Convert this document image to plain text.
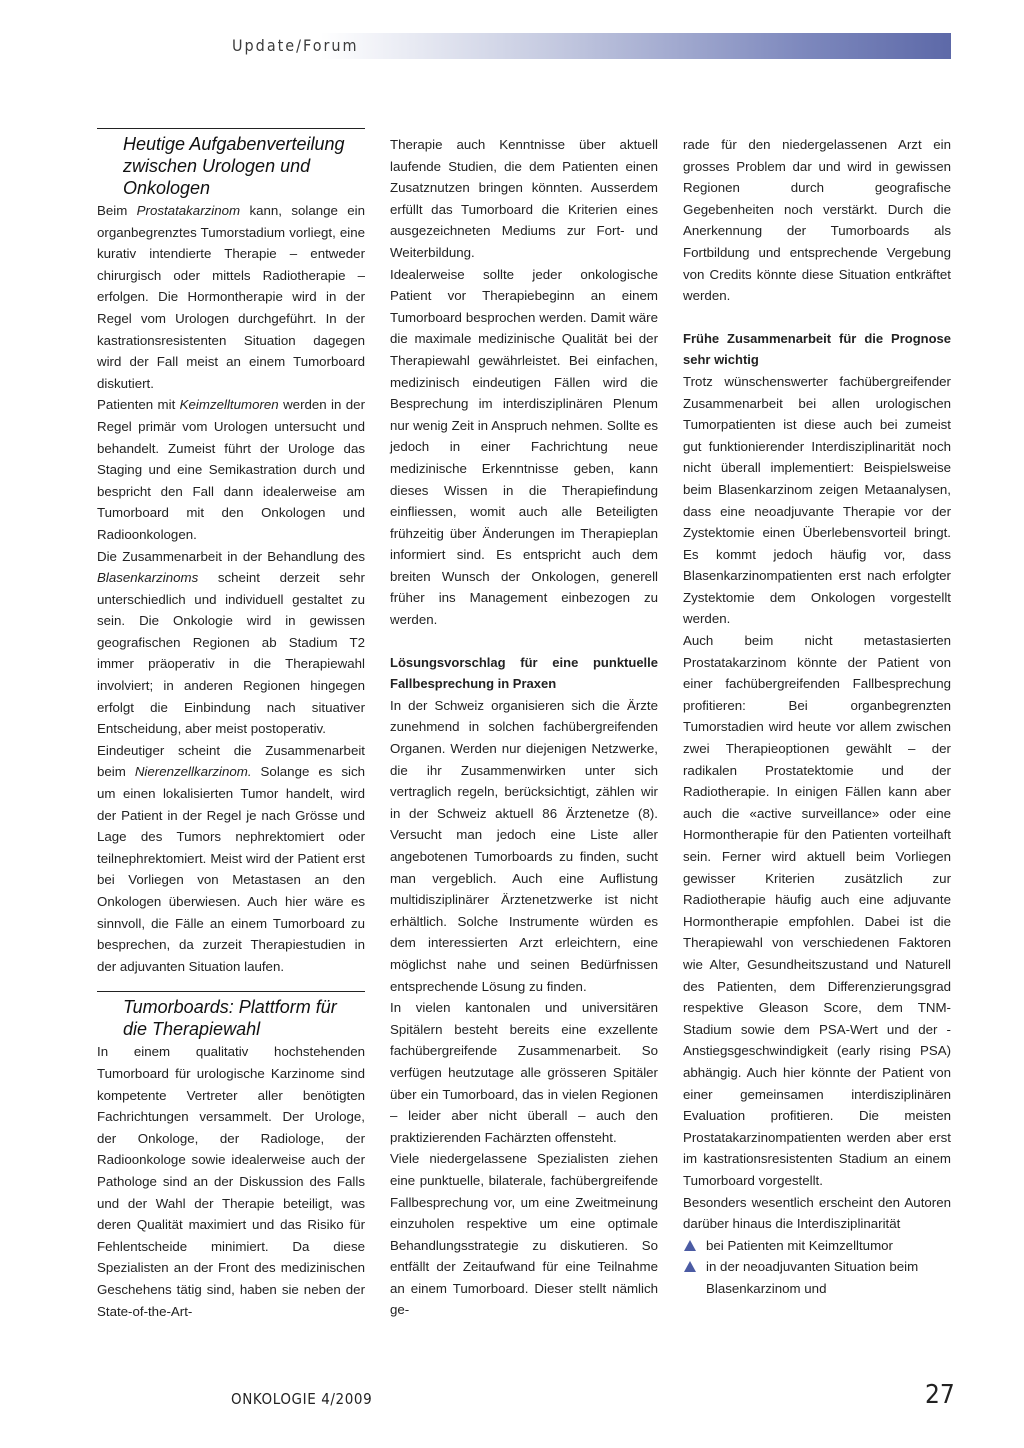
Update/Forum
Heutige Aufgabenverteilung zwischen Urologen und Onkologen

Beim Prostatakarzinom kann, solange ein organbegrenztes Tumorstadium vorliegt, eine kurativ intendierte Therapie – entweder chirurgisch oder mittels Radiotherapie – erfolgen. Die Hormontherapie wird in der Regel vom Urologen durchgeführt. In der kastrationsresistenten Situation dagegen wird der Fall meist an einem Tumorboard diskutiert.

Patienten mit Keimzelltumoren werden in der Regel primär vom Urologen untersucht und behandelt. Zumeist führt der Urologe das Staging und eine Semikastration durch und bespricht den Fall dann idealerweise am Tumorboard mit den Onkologen und Radioonkologen.

Die Zusammenarbeit in der Behandlung des Blasenkarzinoms scheint derzeit sehr unterschiedlich und individuell gestaltet zu sein. Die Onkologie wird in gewissen geografischen Regionen ab Stadium T2 immer präoperativ in die Therapiewahl involviert; in anderen Regionen hingegen erfolgt die Einbindung nach situativer Entscheidung, aber meist postoperativ.

Eindeutiger scheint die Zusammenarbeit beim Nierenzellkarzinom. Solange es sich um einen lokalisierten Tumor handelt, wird der Patient in der Regel je nach Grösse und Lage des Tumors nephrektomiert oder teilnephrektomiert. Meist wird der Patient erst bei Vorliegen von Metastasen an den Onkologen überwiesen. Auch hier wäre es sinnvoll, die Fälle an einem Tumorboard zu besprechen, da zurzeit Therapiestudien in der adjuvanten Situation laufen.

Tumorboards: Plattform für die Therapiewahl

In einem qualitativ hochstehenden Tumorboard für urologische Karzinome sind kompetente Vertreter aller benötigten Fachrichtungen versammelt. Der Urologe, der Onkologe, der Radiologe, der Radioonkologe sowie idealerweise auch der Pathologe sind an der Diskussion des Falls und der Wahl der Therapie beteiligt, was deren Qualität maximiert und das Risiko für Fehlentscheide minimiert. Da diese Spezialisten an der Front des medizinischen Geschehens tätig sind, haben sie neben der State-of-the-Art-

Therapie auch Kenntnisse über aktuell laufende Studien, die dem Patienten einen Zusatznutzen bringen könnten. Ausserdem erfüllt das Tumorboard die Kriterien eines ausgezeichneten Mediums zur Fort- und Weiterbildung.

Idealerweise sollte jeder onkologische Patient vor Therapiebeginn an einem Tumorboard besprochen werden. Damit wäre die maximale medizinische Qualität bei der Therapiewahl gewährleistet. Bei einfachen, medizinisch eindeutigen Fällen wird die Besprechung im interdisziplinären Plenum nur wenig Zeit in Anspruch nehmen. Sollte es jedoch in einer Fachrichtung neue medizinische Erkenntnisse geben, kann dieses Wissen in die Therapiefindung einfliessen, womit auch alle Beteiligten frühzeitig über Änderungen im Therapieplan informiert sind. Es entspricht auch dem breiten Wunsch der Onkologen, generell früher ins Management einbezogen zu werden.

Lösungsvorschlag für eine punktuelle Fallbesprechung in Praxen

In der Schweiz organisieren sich die Ärzte zunehmend in solchen fachübergreifenden Organen. Werden nur diejenigen Netzwerke, die ihr Zusammenwirken unter sich vertraglich regeln, berücksichtigt, zählen wir in der Schweiz aktuell 86 Ärztenetze (8). Versucht man jedoch eine Liste aller angebotenen Tumorboards zu finden, sucht man vergeblich. Auch eine Auflistung multidisziplinärer Ärztenetzwerke ist nicht erhältlich. Solche Instrumente würden es dem interessierten Arzt erleichtern, eine möglichst nahe und seinen Bedürfnissen entsprechende Lösung zu finden.

In vielen kantonalen und universitären Spitälern besteht bereits eine exzellente fachübergreifende Zusammenarbeit. So verfügen heutzutage alle grösseren Spitäler über ein Tumorboard, das in vielen Regionen – leider aber nicht überall – auch den praktizierenden Fachärzten offensteht.

Viele niedergelassene Spezialisten ziehen eine punktuelle, bilaterale, fachübergreifende Fallbesprechung vor, um eine Zweitmeinung einzuholen respektive um eine optimale Behandlungsstrategie zu diskutieren. So entfällt der Zeitaufwand für eine Teilnahme an einem Tumorboard. Dieser stellt nämlich ge-

rade für den niedergelassenen Arzt ein grosses Problem dar und wird in gewissen Regionen durch geografische Gegebenheiten noch verstärkt. Durch die Anerkennung der Tumorboards als Fortbildung und entsprechende Vergebung von Credits könnte diese Situation entkräftet werden.

Frühe Zusammenarbeit für die Prognose sehr wichtig

Trotz wünschenswerter fachübergreifender Zusammenarbeit bei allen urologischen Tumorpatienten ist diese auch bei zumeist gut funktionierender Interdisziplinarität noch nicht überall implementiert: Beispielsweise beim Blasenkarzinom zeigen Metaanalysen, dass eine neoadjuvante Therapie vor der Zystektomie einen Überlebensvorteil bringt. Es kommt jedoch häufig vor, dass Blasenkarzinompatienten erst nach erfolgter Zystektomie dem Onkologen vorgestellt werden.

Auch beim nicht metastasierten Prostatakarzinom könnte der Patient von einer fachübergreifenden Fallbesprechung profitieren: Bei organbegrenzten Tumorstadien wird heute vor allem zwischen zwei Therapieoptionen gewählt – der radikalen Prostatektomie und der Radiotherapie. In einigen Fällen kann aber auch die «active surveillance» oder eine Hormontherapie für den Patienten vorteilhaft sein. Ferner wird aktuell beim Vorliegen gewisser Kriterien zusätzlich zur Radiotherapie häufig auch eine adjuvante Hormontherapie empfohlen. Dabei ist die Therapiewahl von verschiedenen Faktoren wie Alter, Gesundheitszustand und Naturell des Patienten, dem Differenzierungsgrad respektive Gleason Score, dem TNM-Stadium sowie dem PSA-Wert und der -Anstiegsgeschwindigkeit (early rising PSA) abhängig. Auch hier könnte der Patient von einer gemeinsamen interdisziplinären Evaluation profitieren. Die meisten Prostatakarzinompatienten werden aber erst im kastrationsresistenten Stadium an einem Tumorboard vorgestellt.

Besonders wesentlich erscheint den Autoren darüber hinaus die Interdisziplinarität

bei Patienten mit Keimzelltumor
in der neoadjuvanten Situation beim Blasenkarzinom und
ONKOLOGIE 4/2009	27
